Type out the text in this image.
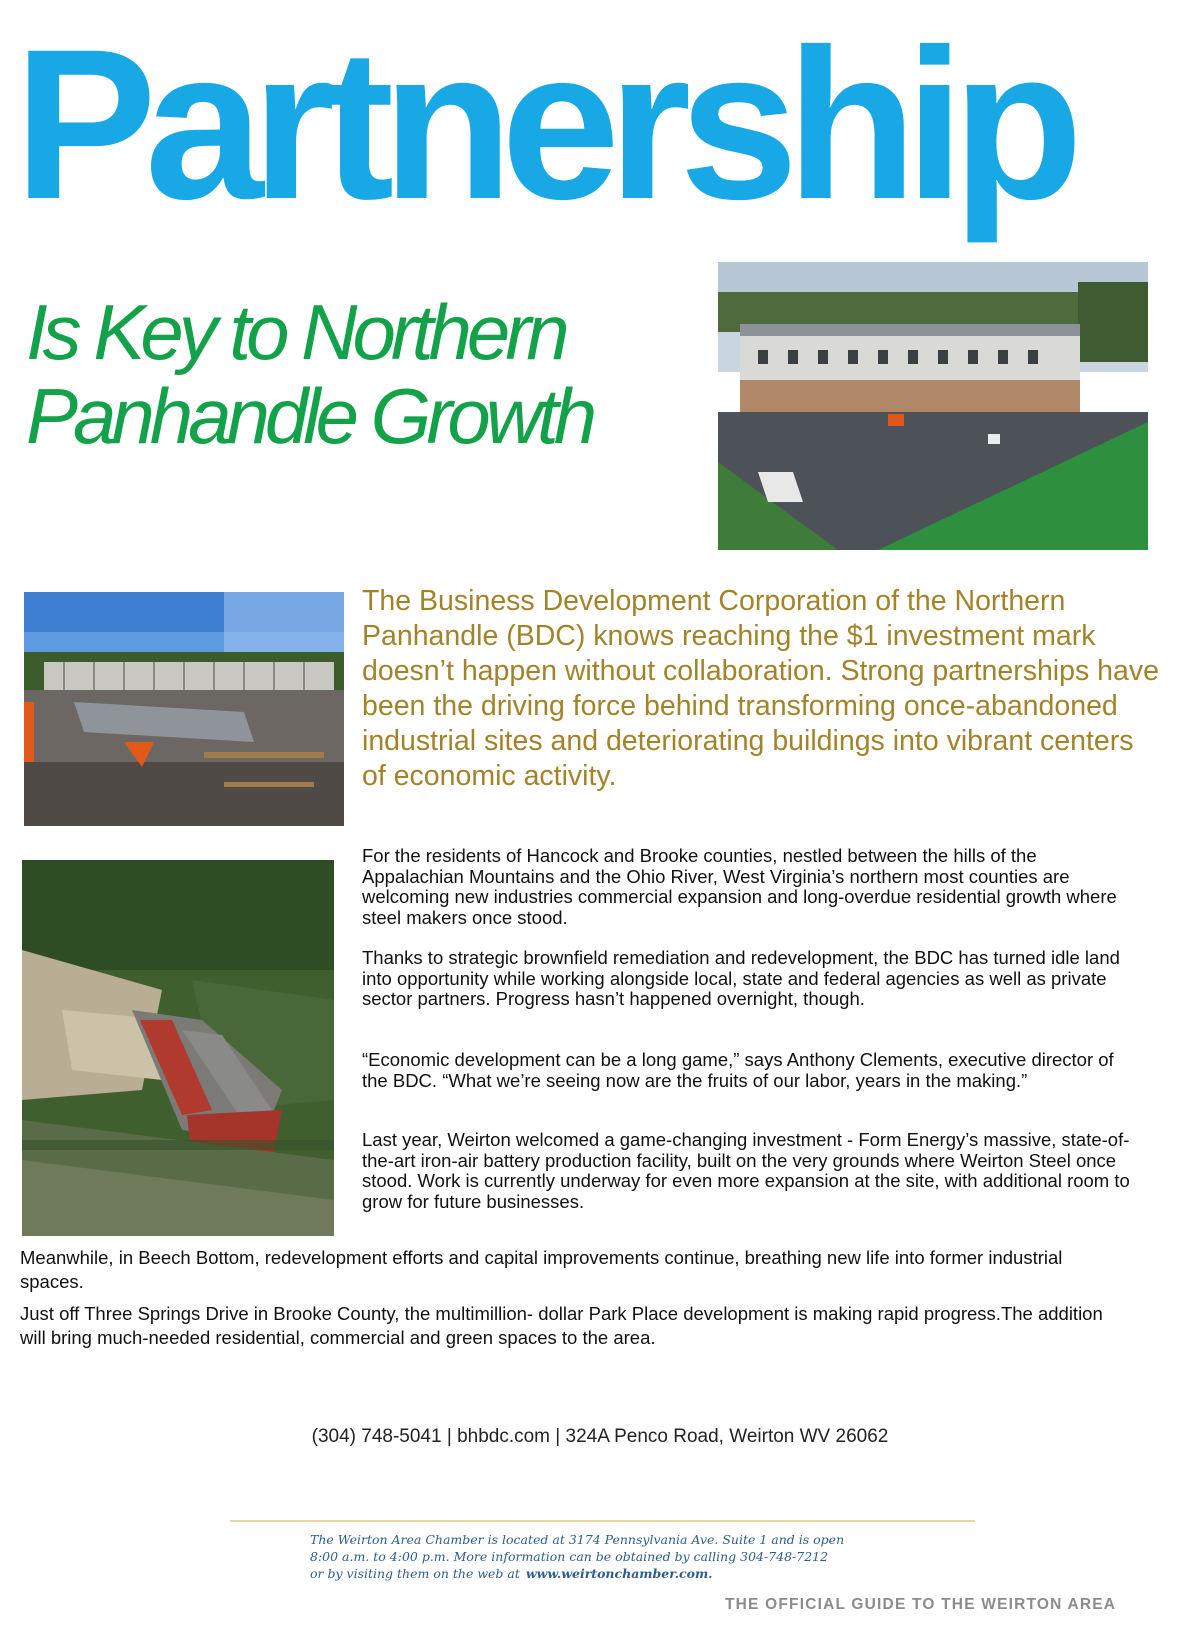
Partnership
Is Key to Northern
Panhandle Growth
The Business Development Corporation of the Northern Panhandle (BDC) knows reaching the $1 investment mark doesn’t happen without collaboration. Strong partnerships have been the driving force behind transforming once-abandoned industrial sites and deteriorating buildings into vibrant centers of economic activity.

For the residents of Hancock and Brooke counties, nestled between the hills of the Appalachian Mountains and the Ohio River, West Virginia’s northern most counties are welcoming new industries commercial expansion and long-overdue residential growth where steel makers once stood.

Thanks to strategic brownfield remediation and redevelopment, the BDC has turned idle land into opportunity while working alongside local, state and federal agencies as well as private sector partners. Progress hasn’t happened overnight, though.

“Economic development can be a long game,” says Anthony Clements, executive director of the BDC. “What we’re seeing now are the fruits of our labor, years in the making.”

Last year, Weirton welcomed a game-changing investment - Form Energy’s massive, state-of-the-art iron-air battery production facility, built on the very grounds where Weirton Steel once stood. Work is currently underway for even more expansion at the site, with additional room to grow for future businesses.

Meanwhile, in Beech Bottom, redevelopment efforts and capital improvements continue, breathing new life into former industrial spaces.

Just off Three Springs Drive in Brooke County, the multimillion- dollar Park Place development is making rapid progress.The addition will bring much-needed residential, commercial and green spaces to the area.

(304) 748-5041 | bhbdc.com | 324A Penco Road, Weirton WV 26062
The Weirton Area Chamber is located at 3174 Pennsylvania Ave. Suite 1 and is open
8:00 a.m. to 4:00 p.m. More information can be obtained by calling 304-748-7212
or by visiting them on the web at www.weirtonchamber.com.
THE OFFICIAL GUIDE TO THE WEIRTON AREA
